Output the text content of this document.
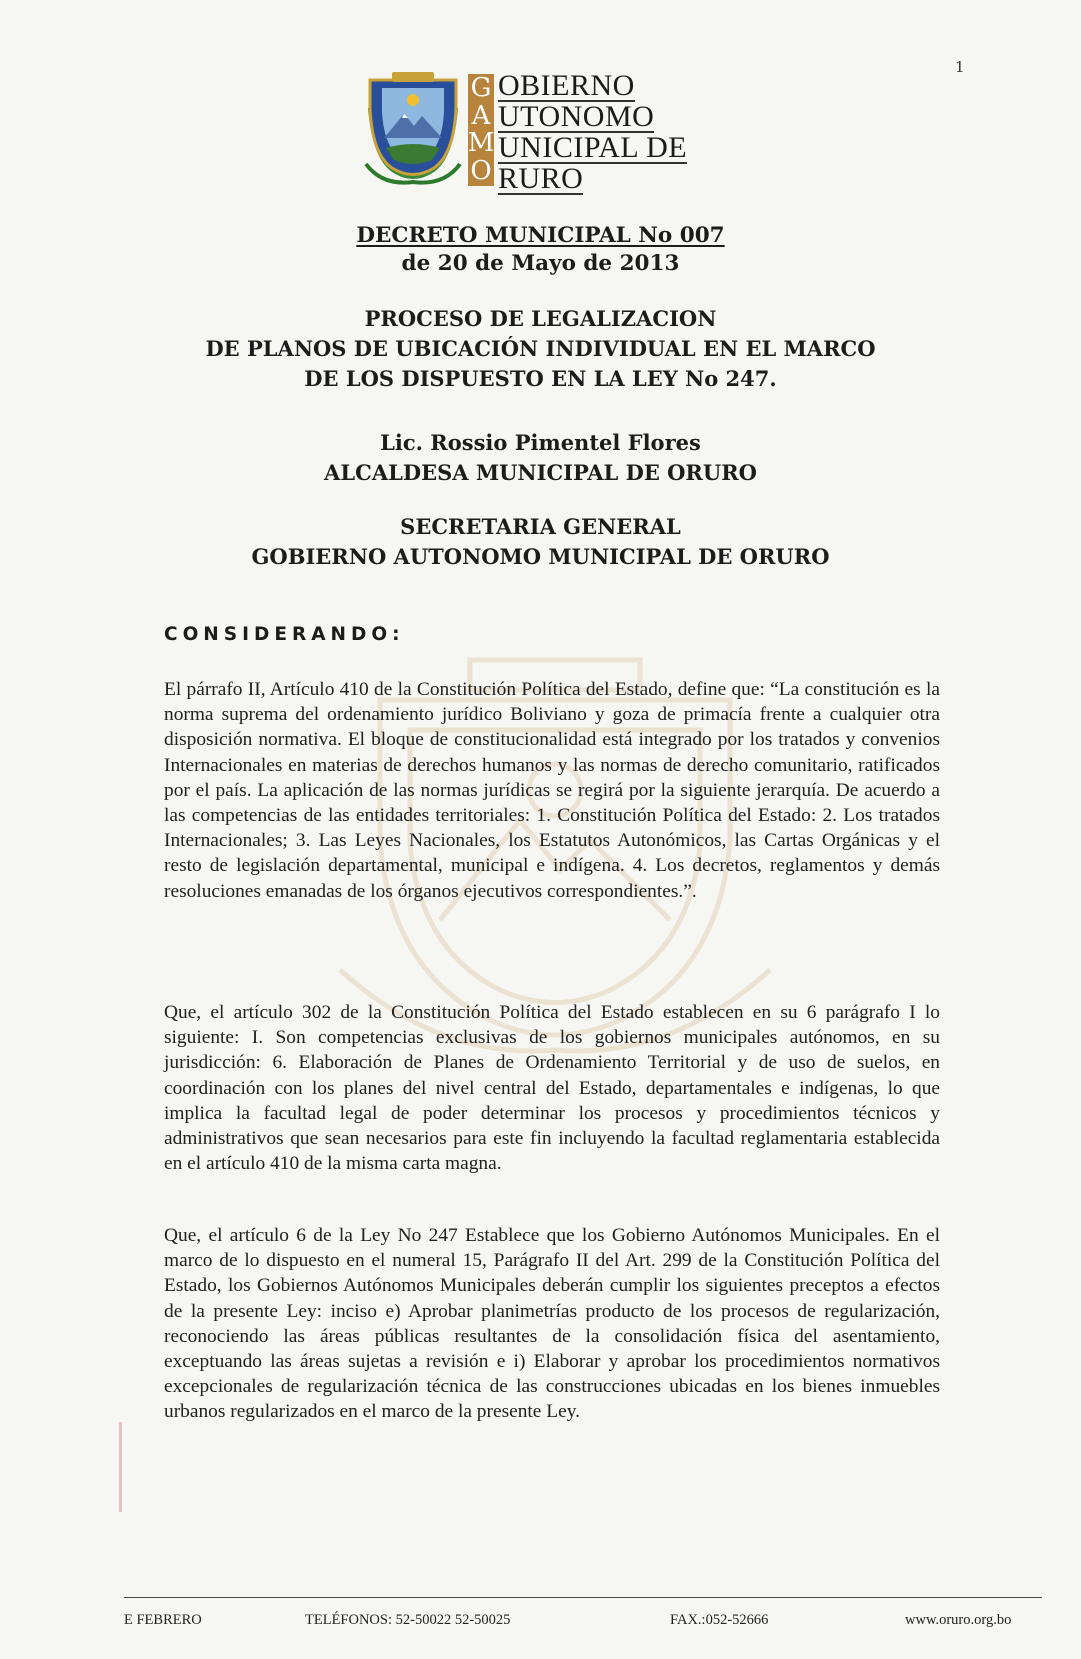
1
G
A
M
O
OBIERNO
UTONOMO
UNICIPAL DE
RURO
DECRETO MUNICIPAL No 007
de 20 de Mayo de 2013
PROCESO DE LEGALIZACION
DE PLANOS DE UBICACIÓN INDIVIDUAL EN EL MARCO
DE LOS DISPUESTO EN LA LEY No 247.
Lic. Rossio Pimentel Flores
ALCALDESA MUNICIPAL DE ORURO
SECRETARIA GENERAL
GOBIERNO AUTONOMO MUNICIPAL DE ORURO
CONSIDERANDO:
El párrafo II, Artículo 410 de la Constitución Política del Estado, define que: “La constitución es la norma suprema del ordenamiento jurídico Boliviano y goza de primacía frente a cualquier otra disposición normativa. El bloque de constitucionalidad está integrado por los tratados y convenios Internacionales en materias de derechos humanos y las normas de derecho comunitario, ratificados por el país. La aplicación de las normas jurídicas se regirá por la siguiente jerarquía. De acuerdo a las competencias de las entidades territoriales: 1. Constitución Política del Estado: 2. Los tratados Internacionales; 3. Las Leyes Nacionales, los Estatutos Autonómicos, las Cartas Orgánicas y el resto de legislación departamental, municipal e indígena. 4. Los decretos, reglamentos y demás resoluciones emanadas de los órganos ejecutivos correspondientes.”.
Que, el artículo 302 de la Constitución Política del Estado establecen en su 6 parágrafo I lo siguiente: I. Son competencias exclusivas de los gobiernos municipales autónomos, en su jurisdicción: 6. Elaboración de Planes de Ordenamiento Territorial y de uso de suelos, en coordinación con los planes del nivel central del Estado, departamentales e indígenas, lo que implica la facultad legal de poder determinar los procesos y procedimientos técnicos y administrativos que sean necesarios para este fin incluyendo la facultad reglamentaria establecida en el artículo 410 de la misma carta magna.
Que, el artículo 6 de la Ley No 247 Establece que los Gobierno Autónomos Municipales. En el marco de lo dispuesto en el numeral 15, Parágrafo II del Art. 299 de la Constitución Política del Estado, los Gobiernos Autónomos Municipales deberán cumplir los siguientes preceptos a efectos de la presente Ley: inciso e) Aprobar planimetrías producto de los procesos de regularización, reconociendo las áreas públicas resultantes de la consolidación física del asentamiento, exceptuando las áreas sujetas a revisión e i) Elaborar y aprobar los procedimientos normativos excepcionales de regularización técnica de las construcciones ubicadas en los bienes inmuebles urbanos regularizados en el marco de la presente Ley.
E FEBRERO	TELÉFONOS: 52-50022 52-50025	FAX.:052-52666	www.oruro.org.bo
